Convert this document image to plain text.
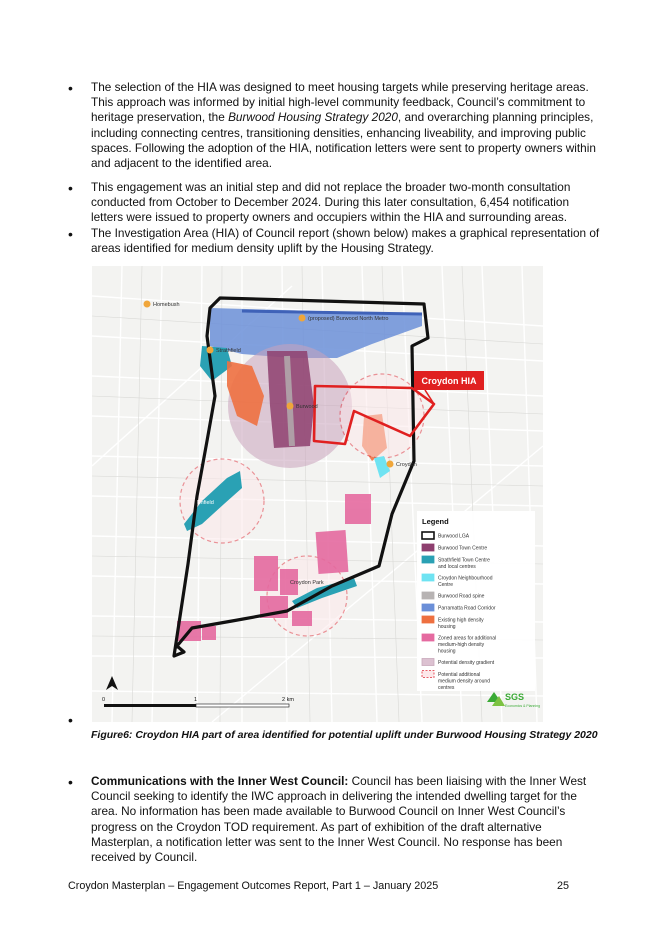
• The selection of the HIA was designed to meet housing targets while preserving heritage areas. This approach was informed by initial high-level community feedback, Council’s commitment to heritage preservation, the Burwood Housing Strategy 2020, and overarching planning principles, including connecting centres, transitioning densities, enhancing liveability, and improving public spaces. Following the adoption of the HIA, notification letters were sent to property owners within and adjacent to the identified area.

• This engagement was an initial step and did not replace the broader two-month consultation conducted from October to December 2024. During this later consultation, 6,454 notification letters were issued to property owners and occupiers within the HIA and surrounding areas.

• The Investigation Area (HIA) of Council report (shown below) makes a graphical representation of areas identified for medium density uplift by the Housing Strategy.

Croydon HIA
Homebush
(proposed) Burwood North Metro
Strathfield
Burwood
Croydon
Enfield
Croydon Park
Legend
Burwood LGA
Burwood Town Centre
Strathfield Town Centre
and local centres
Croydon Neighbourhood
Centre
Burwood Road spine
Parramatta Road Corridor
Existing high density
housing
Zoned areas for additional
medium-high density
housing
Potential density gradient
Potential additional
medium density around
centres
0	1	2 km	SGS
Economics & Planning
•

Figure6: Croydon HIA part of area identified for potential uplift under Burwood Housing Strategy 2020

• Communications with the Inner West Council: Council has been liaising with the Inner West Council seeking to identify the IWC approach in delivering the intended dwelling target for the area. No information has been made available to Burwood Council on Inner West Council’s progress on the Croydon TOD requirement. As part of exhibition of the draft alternative Masterplan, a notification letter was sent to the Inner West Council. No response has been received by Council.

Croydon Masterplan – Engagement Outcomes Report, Part 1 – January 2025	25
